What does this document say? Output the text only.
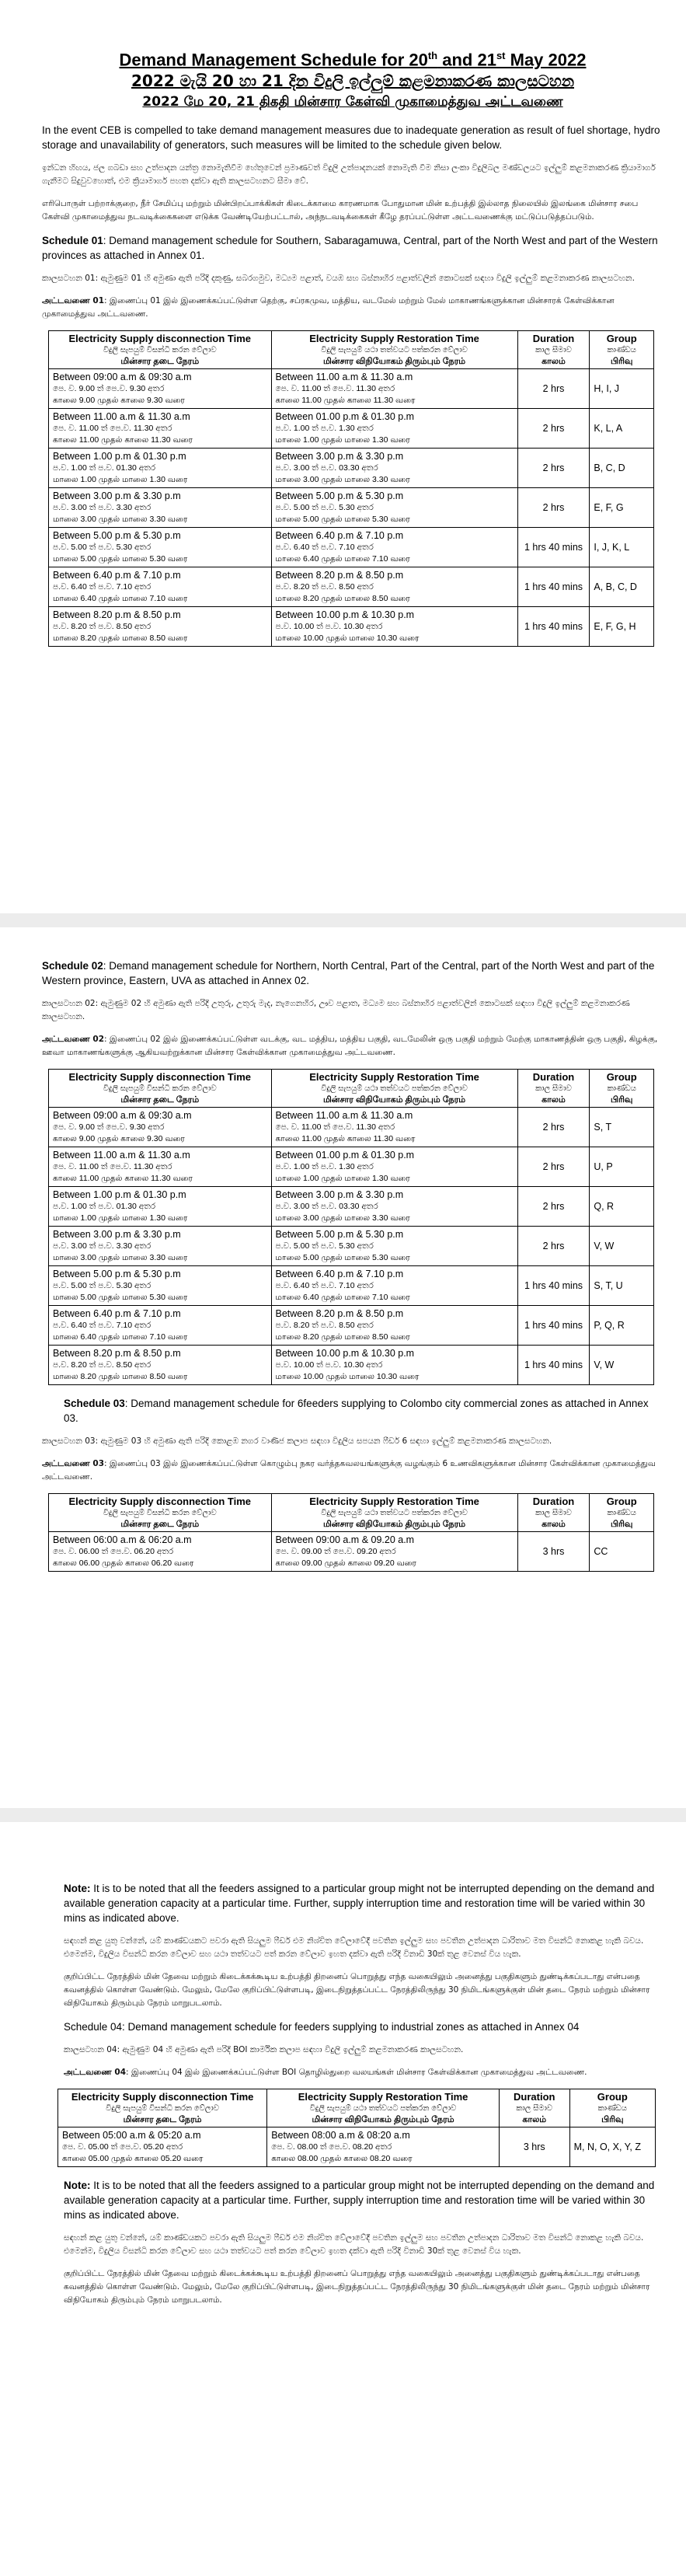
Demand Management Schedule for 20th and 21st May 2022
2022 මැයි 20 හා 21 දින විදුලි ඉල්ලුම් කළමනාකරණ කාලසටහන
2022 மே 20, 21 திகதி மின்சார கேள்வி முகாமைத்துவ அட்டவணை

In the event CEB is compelled to take demand management measures due to inadequate generation as result of fuel shortage, hydro storage and unavailability of generators, such measures will be limited to the schedule given below.

ඉන්ධන හිඟය, ජල ගබඩා සහ උත්පාදන යන්ත්‍ර නොමැතිවීම හේතුවෙන් ප්‍රමාණවත් විදුලි උත්පාදනයක් නොමැති වීම නිසා ලංකා විදුලිබල මණ්ඩලයට ඉල්ලුම් කළමනාකරණ ක්‍රියාමාර්ග ගැනීමට සිදුවුවහොත්, එම ක්‍රියාමාර්ග පහත දක්වා ඇති කාලසටහනට සීමා වේ.

எரிபொருள் பற்றாக்குறை, நீர் சேமிப்பு மற்றும் மின்பிறப்பாக்கிகள் கிடைக்காமை காரணமாக போதுமான மின் உற்பத்தி இல்லாத நிலையில் இலங்கை மின்சார சபை கேள்வி முகாமைத்துவ நடவடிக்கைகளை எடுக்க வேண்டியேற்பட்டால், அந்நடவடிக்கைகள் கீழே தரப்பட்டுள்ள அட்டவணைக்கு மட்டுப்படுத்தப்படும்.

Schedule 01: Demand management schedule for Southern, Sabaragamuwa, Central, part of the North West and part of the Western provinces as attached in Annex 01.

කාලසටහන 01: ඇමුණුම 01 හි අමුණා ඇති පරිදි දකුණු, සබරගමුව, මධ්‍යම පළාත්, වයඹ සහ බස්නාහිර පළාත්වලින් කොටසක් සඳහා විදුලි ඉල්ලුම් කළමනාකරණ කාලසටහන.

அட்டவணை 01: இணைப்பு 01 இல் இணைக்கப்பட்டுள்ள தெற்கு, சப்ரகமுவ, மத்திய, வடமேல் மற்றும் மேல் மாகாணங்களுக்கான மின்சாரக் கேள்விக்கான முகாமைத்துவ அட்டவணை.

Electricity Supply disconnection Time
විදුලි සැපයුම් විසන්ධි කරන වේලාව
மின்சார தடை நேரம்	Electricity Supply Restoration Time
විදුලි සැපයුම් යථා තත්වයට පත්කරන වේලාව
மின்சார விநியோகம் திரும்பும் நேரம்	Duration
කාල සීමාව
காலம்	Group
කාණ්ඩය
பிரிவு

Between 09:00 a.m & 09:30 a.m
පෙ. ව. 9.00 ත් පෙ.ව. 9.30 අතර
காலை 9.00 முதல் காலை 9.30 வரை	Between 11.00 a.m & 11.30 a.m
පෙ. ව. 11.00 ත් පෙ.ව. 11.30 අතර
காலை 11.00 முதல் காலை 11.30 வரை	2 hrs	H, I, J
Between 11.00 a.m & 11.30 a.m
පෙ. ව. 11.00 ත් පෙ.ව. 11.30 අතර
காலை 11.00 முதல் காலை 11.30 வரை	Between 01.00 p.m & 01.30 p.m
ප.ව. 1.00 ත් ප.ව. 1.30 අතර
மாலை 1.00 முதல் மாலை 1.30 வரை	2 hrs	K, L, A
Between 1.00 p.m & 01.30 p.m
ප.ව. 1.00 ත් ප.ව. 01.30 අතර
மாலை 1.00 முதல் மாலை 1.30 வரை	Between 3.00 p.m & 3.30 p.m
ප.ව. 3.00 ත් ප.ව. 03.30 අතර
மாலை 3.00 முதல் மாலை 3.30 வரை	2 hrs	B, C, D
Between 3.00 p.m & 3.30 p.m
ප.ව. 3.00 ත් ප.ව. 3.30 අතර
மாலை 3.00 முதல் மாலை 3.30 வரை	Between 5.00 p.m & 5.30 p.m
ප.ව. 5.00 ත් ප.ව. 5.30 අතර
மாலை 5.00 முதல் மாலை 5.30 வரை	2 hrs	E, F, G
Between 5.00 p.m & 5.30 p.m
ප.ව. 5.00 ත් ප.ව. 5.30 අතර
மாலை 5.00 முதல் மாலை 5.30 வரை	Between 6.40 p.m & 7.10 p.m
ප.ව. 6.40 ත් ප.ව. 7.10 අතර
மாலை 6.40 முதல் மாலை 7.10 வரை	1 hrs 40 mins	I, J, K, L
Between 6.40 p.m & 7.10 p.m
ප.ව. 6.40 ත් ප.ව. 7.10 අතර
மாலை 6.40 முதல் மாலை 7.10 வரை	Between 8.20 p.m & 8.50 p.m
ප.ව. 8.20 ත් ප.ව. 8.50 අතර
மாலை 8.20 முதல் மாலை 8.50 வரை	1 hrs 40 mins	A, B, C, D
Between 8.20 p.m & 8.50 p.m
ප.ව. 8.20 ත් ප.ව. 8.50 අතර
மாலை 8.20 முதல் மாலை 8.50 வரை	Between 10.00 p.m & 10.30 p.m
ප.ව. 10.00 ත් ප.ව. 10.30 අතර
மாலை 10.00 முதல் மாலை 10.30 வரை	1 hrs 40 mins	E, F, G, H

Schedule 02: Demand management schedule for Northern, North Central, Part of the Central, part of the North West and part of the Western province, Eastern, UVA as attached in Annex 02.

කාලසටහන 02: ඇමුණුම 02 හි අමුණා ඇති පරිදි උතුරු, උතුරු මැද, නැගෙනහිර, ඌව පළාත, මධ්‍යම සහ බස්නාහිර පළාත්වලින් කොටසක් සඳහා විදුලි ඉල්ලුම් කළමනාකරණ කාලසටහන.

அட்டவணை 02: இணைப்பு 02 இல் இணைக்கப்பட்டுள்ள வடக்கு, வட மத்திய, மத்திய பகுதி, வடமேலின் ஒரு பகுதி மற்றும் மேற்கு மாகாணத்தின் ஒரு பகுதி, கிழக்கு, ஊவா மாகாணங்களுக்கு ஆகியவற்றுக்கான மின்சார கேள்விக்கான முகாமைத்துவ அட்டவணை.

Electricity Supply disconnection Time
විදුලි සැපයුම් විසන්ධි කරන වේලාව
மின்சார தடை நேரம்	Electricity Supply Restoration Time
විදුලි සැපයුම් යථා තත්වයට පත්කරන වේලාව
மின்சார விநியோகம் திரும்பும் நேரம்	Duration
කාල සීමාව
காலம்	Group
කාණ්ඩය
பிரிவு

Between 09:00 a.m & 09:30 a.m
පෙ. ව. 9.00 ත් පෙ.ව. 9.30 අතර
காலை 9.00 முதல் காலை 9.30 வரை	Between 11.00 a.m & 11.30 a.m
පෙ. ව. 11.00 ත් පෙ.ව. 11.30 අතර
காலை 11.00 முதல் காலை 11.30 வரை	2 hrs	S, T
Between 11.00 a.m & 11.30 a.m
පෙ. ව. 11.00 ත් පෙ.ව. 11.30 අතර
காலை 11.00 முதல் காலை 11.30 வரை	Between 01.00 p.m & 01.30 p.m
ප.ව. 1.00 ත් ප.ව. 1.30 අතර
மாலை 1.00 முதல் மாலை 1.30 வரை	2 hrs	U, P
Between 1.00 p.m & 01.30 p.m
ප.ව. 1.00 ත් ප.ව. 01.30 අතර
மாலை 1.00 முதல் மாலை 1.30 வரை	Between 3.00 p.m & 3.30 p.m
ප.ව. 3.00 ත් ප.ව. 03.30 අතර
மாலை 3.00 முதல் மாலை 3.30 வரை	2 hrs	Q, R
Between 3.00 p.m & 3.30 p.m
ප.ව. 3.00 ත් ප.ව. 3.30 අතර
மாலை 3.00 முதல் மாலை 3.30 வரை	Between 5.00 p.m & 5.30 p.m
ප.ව. 5.00 ත් ප.ව. 5.30 අතර
மாலை 5.00 முதல் மாலை 5.30 வரை	2 hrs	V, W
Between 5.00 p.m & 5.30 p.m
ප.ව. 5.00 ත් ප.ව. 5.30 අතර
மாலை 5.00 முதல் மாலை 5.30 வரை	Between 6.40 p.m & 7.10 p.m
ප.ව. 6.40 ත් ප.ව. 7.10 අතර
மாலை 6.40 முதல் மாலை 7.10 வரை	1 hrs 40 mins	S, T, U
Between 6.40 p.m & 7.10 p.m
ප.ව. 6.40 ත් ප.ව. 7.10 අතර
மாலை 6.40 முதல் மாலை 7.10 வரை	Between 8.20 p.m & 8.50 p.m
ප.ව. 8.20 ත් ප.ව. 8.50 අතර
மாலை 8.20 முதல் மாலை 8.50 வரை	1 hrs 40 mins	P, Q, R
Between 8.20 p.m & 8.50 p.m
ප.ව. 8.20 ත් ප.ව. 8.50 අතර
மாலை 8.20 முதல் மாலை 8.50 வரை	Between 10.00 p.m & 10.30 p.m
ප.ව. 10.00 ත් ප.ව. 10.30 අතර
மாலை 10.00 முதல் மாலை 10.30 வரை	1 hrs 40 mins	V, W

Schedule 03: Demand management schedule for 6feeders supplying to Colombo city commercial zones as attached in Annex 03.

කාලසටහන 03: ඇමුණුම 03 හි අමුණා ඇති පරිදි කොළඹ නගර වාණිජ කලාප සඳහා විදුලිය සපයන ෆීඩර් 6 සඳහා ඉල්ලුම් කළමනාකරණ කාලසටහන.

அட்டவணை 03: இணைப்பு 03 இல் இணைக்கப்பட்டுள்ள கொழும்பு நகர வர்த்தகவலயங்களுக்கு வழங்கும் 6 உணவிகளுக்கான மின்சார கேள்விக்கான முகாமைத்துவ அட்டவணை.

Electricity Supply disconnection Time
විදුලි සැපයුම් විසන්ධි කරන වේලාව
மின்சார தடை நேரம்	Electricity Supply Restoration Time
විදුලි සැපයුම් යථා තත්වයට පත්කරන වේලාව
மின்சார விநியோகம் திரும்பும் நேரம்	Duration
කාල සීමාව
காலம்	Group
කාණ්ඩය
பிரிவு

Between 06:00 a.m & 06:20 a.m
පෙ. ව. 06.00 ත් පෙ.ව. 06.20 අතර
காலை 06.00 முதல் காலை 06.20 வரை	Between 09:00 a.m & 09.20 a.m
පෙ. ව. 09.00 ත් පෙ.ව. 09.20 අතර
காலை 09.00 முதல் காலை 09.20 வரை	3 hrs	CC

Note: It is to be noted that all the feeders assigned to a particular group might not be interrupted depending on the demand and available generation capacity at a particular time. Further, supply interruption time and restoration time will be varied within 30 mins as indicated above.

සඳහන් කළ යුතු වන්නේ, යම් කාණ්ඩයකට පවරා ඇති සියලුම ෆීඩර් එම නිශ්චිත වේලාවේදී පවතින ඉල්ලුම සහ පවතින උත්පාදන ධාරිතාව මත විසන්ධි නොකළ හැකි බවය. එමෙන්ම, විදුලිය විසන්ධි කරන වේලාව සහ යථා තත්වයට පත් කරන වේලාව ඉහත දක්වා ඇති පරිදි විනාඩි 30ක් තුළ වෙනස් විය හැක.

குறிப்பிட்ட நேரத்தில் மின் தேவை மற்றும் கிடைக்கக்கூடிய உற்பத்தி திறனைப் பொறுத்து எந்த வகையிலும் அனைத்து பகுதிகளும் துண்டிக்கப்படாது என்பதை கவனத்தில் கொள்ள வேண்டும். மேலும், மேலே குறிப்பிட்டுள்ளபடி, இடைநிறுத்தப்பட்ட நேரத்திலிருந்து 30 நிமிடங்களுக்குள் மின் தடை நேரம் மற்றும் மின்சார விநியோகம் திரும்பும் நேரம் மாறுபடலாம்.

Schedule 04: Demand management schedule for feeders supplying to industrial zones as attached in Annex 04

කාලසටහන 04: ඇමුණුම 04 හි අමුණා ඇති පරිදි BOI කාර්මික කලාප සඳහා විදුලි ඉල්ලුම් කළමනාකරණ කාලසටහන.

அட்டவணை 04: இணைப்பு 04 இல் இணைக்கப்பட்டுள்ள BOI தொழில்துறை வலயங்கள் மின்சார கேள்விக்கான முகாமைத்துவ அட்டவணை.

Electricity Supply disconnection Time
විදුලි සැපයුම් විසන්ධි කරන වේලාව
மின்சார தடை நேரம்	Electricity Supply Restoration Time
විදුලි සැපයුම් යථා තත්වයට පත්කරන වේලාව
மின்சார விநியோகம் திரும்பும் நேரம்	Duration
කාල සීමාව
காலம்	Group
කාණ්ඩය
பிரிவு

Between 05:00 a.m & 05:20 a.m
පෙ. ව. 05.00 ත් පෙ.ව. 05.20 අතර
காலை 05.00 முதல் காலை 05.20 வரை	Between 08:00 a.m & 08:20 a.m
පෙ. ව. 08.00 ත් පෙ.ව. 08.20 අතර
காலை 08.00 முதல் காலை 08.20 வரை	3 hrs	M, N, O, X, Y, Z

Note: It is to be noted that all the feeders assigned to a particular group might not be interrupted depending on the demand and available generation capacity at a particular time. Further, supply interruption time and restoration time will be varied within 30 mins as indicated above.

සඳහන් කළ යුතු වන්නේ, යම් කාණ්ඩයකට පවරා ඇති සියලුම ෆීඩර් එම නිශ්චිත වේලාවේදී පවතින ඉල්ලුම සහ පවතින උත්පාදන ධාරිතාව මත විසන්ධි නොකළ හැකි බවය. එමෙන්ම, විදුලිය විසන්ධි කරන වේලාව සහ යථා තත්වයට පත් කරන වේලාව ඉහත දක්වා ඇති පරිදි විනාඩි 30ක් තුළ වෙනස් විය හැක.

குறிப்பிட்ட நேரத்தில் மின் தேவை மற்றும் கிடைக்கக்கூடிய உற்பத்தி திறனைப் பொறுத்து எந்த வகையிலும் அனைத்து பகுதிகளும் துண்டிக்கப்படாது என்பதை கவனத்தில் கொள்ள வேண்டும். மேலும், மேலே குறிப்பிட்டுள்ளபடி, இடைநிறுத்தப்பட்ட நேரத்திலிருந்து 30 நிமிடங்களுக்குள் மின் தடை நேரம் மற்றும் மின்சார விநியோகம் திரும்பும் நேரம் மாறுபடலாம்.
